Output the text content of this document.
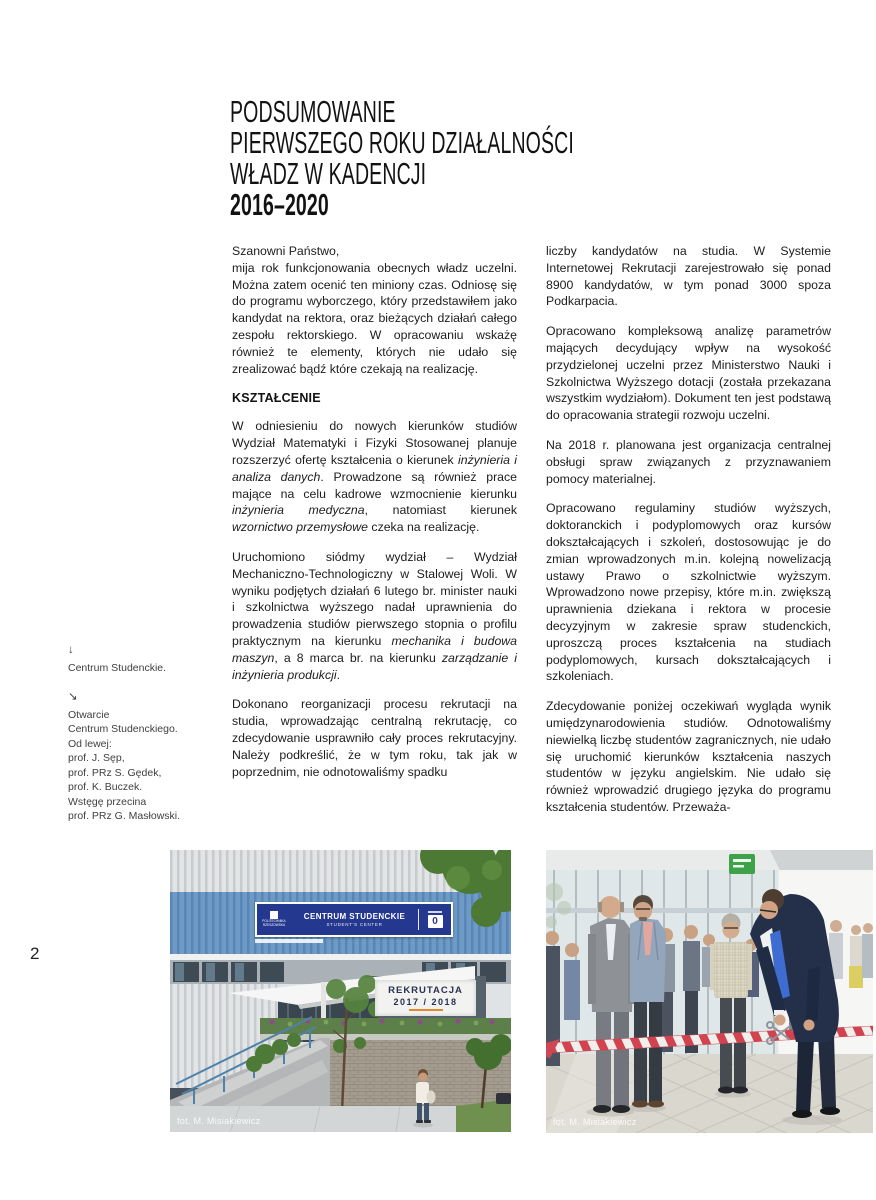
2
PODSUMOWANIE
PIERWSZEGO ROKU DZIAŁALNOŚCI
WŁADZ W KADENCJI
2016–2020
↓
Centrum Studenckie.
↘
Otwarcie
Centrum Studenckiego.
Od lewej:
prof. J. Sęp,
prof. PRz S. Gędek,
prof. K. Buczek.
Wstęgę przecina
prof. PRz G. Masłowski.

Szanowni Państwo,
mija rok funkcjonowania obecnych władz uczelni. Można zatem ocenić ten miniony czas. Odniosę się do programu wyborczego, który przedstawiłem jako kandydat na rektora, oraz bieżących działań całego zespołu rektorskiego. W opracowaniu wskażę również te elementy, których nie udało się zrealizować bądź które czekają na realizację.

KSZTAŁCENIE

W odniesieniu do nowych kierunków studiów Wydział Matematyki i Fizyki Stosowanej planuje rozszerzyć ofertę kształcenia o kierunek inżynieria i analiza danych. Prowadzone są również prace mające na celu kadrowe wzmocnienie kierunku inżynieria medyczna, natomiast kierunek wzornictwo przemysłowe czeka na realizację.

Uruchomiono siódmy wydział – Wydział Mechaniczno-Technologiczny w Stalowej Woli. W wyniku podjętych działań 6 lutego br. minister nauki i szkolnictwa wyższego nadał uprawnienia do prowadzenia studiów pierwszego stopnia o profilu praktycznym na kierunku mechanika i budowa maszyn, a 8 marca br. na kierunku zarządzanie i inżynieria produkcji.

Dokonano reorganizacji procesu rekrutacji na studia, wprowadzając centralną rekrutację, co zdecydowanie usprawniło cały proces rekrutacyjny. Należy podkreślić, że w tym roku, tak jak w poprzednim, nie odnotowaliśmy spadku

liczby kandydatów na studia. W Systemie Internetowej Rekrutacji zarejestrowało się ponad 8900 kandydatów, w tym ponad 3000 spoza Podkarpacia.

Opracowano kompleksową analizę parametrów mających decydujący wpływ na wysokość przydzielonej uczelni przez Ministerstwo Nauki i Szkolnictwa Wyższego dotacji (została przekazana wszystkim wydziałom). Dokument ten jest podstawą do opracowania strategii rozwoju uczelni.

Na 2018 r. planowana jest organizacja centralnej obsługi spraw związanych z przyznawaniem pomocy materialnej.

Opracowano regulaminy studiów wyższych, doktoranckich i podyplomowych oraz kursów dokształcających i szkoleń, dostosowując je do zmian wprowadzonych m.in. kolejną nowelizacją ustawy Prawo o szkolnictwie wyższym. Wprowadzono nowe przepisy, które m.in. zwiększą uprawnienia dziekana i rektora w procesie decyzyjnym w zakresie spraw studenckich, uproszczą proces kształcenia na studiach podyplomowych, kursach dokształcających i szkoleniach.

Zdecydowanie poniżej oczekiwań wygląda wynik umiędzynarodowienia studiów. Odnotowaliśmy niewielką liczbę studentów zagranicznych, nie udało się uruchomić kierunków kształcenia naszych studentów w języku angielskim. Nie udało się również wprowadzić drugiego języka do programu kształcenia studentów. Przeważa-

POLITECHNIKA RZESZOWSKA
CENTRUM STUDENCKIE
STUDENT'S CENTER	0
REKRUTACJA
2017 / 2018
fot. M. Misiakiewicz	fot. M. Misiakiewicz
